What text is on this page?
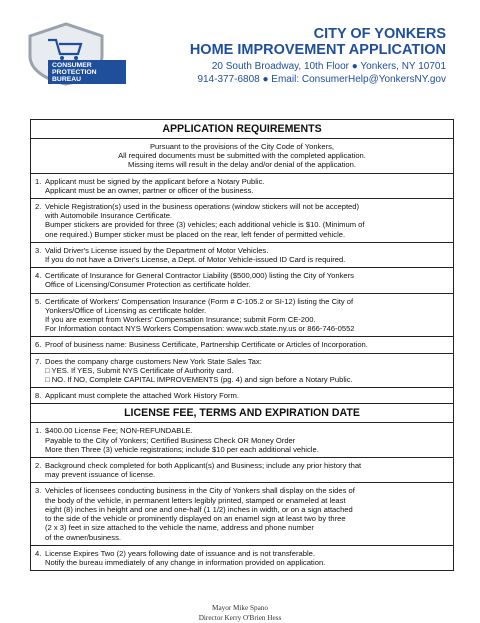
CONSUMER
PROTECTION
BUREAU
CITY OF YONKERS
HOME IMPROVEMENT APPLICATION
20 South Broadway, 10th Floor ● Yonkers, NY 10701
914-377-6808 ● Email: ConsumerHelp@YonkersNY.gov
APPLICATION REQUIREMENTS
Pursuant to the provisions of the City Code of Yonkers,
All required documents must be submitted with the completed application.
Missing items will result in the delay and/or denial of the application.
1. Applicant must be signed by the applicant before a Notary Public.
Applicant must be an owner, partner or officer of the business.
2. Vehicle Registration(s) used in the business operations (window stickers will not be accepted)
with Automobile Insurance Certificate.
Bumper stickers are provided for three (3) vehicles; each additional vehicle is $10. (Minimum of
one required.) Bumper sticker must be placed on the rear, left fender of permitted vehicle.
3. Valid Driver's License issued by the Department of Motor Vehicles.
If you do not have a Driver's License, a Dept. of Motor Vehicle-issued ID Card is required.
4. Certificate of Insurance for General Contractor Liability ($500,000) listing the City of Yonkers
Office of Licensing/Consumer Protection as certificate holder.
5. Certificate of Workers' Compensation Insurance (Form # C-105.2 or SI-12) listing the City of
Yonkers/Office of Licensing as certificate holder.
If you are exempt from Workers' Compensation Insurance; submit Form CE-200.
For Information contact NYS Workers Compensation: www.wcb.state.ny.us or 866-746-0552
6. Proof of business name: Business Certificate, Partnership Certificate or Articles of Incorporation.
7. Does the company charge customers New York State Sales Tax:
□ YES. If YES, Submit NYS Certificate of Authority card.
□ NO. If NO, Complete CAPITAL IMPROVEMENTS (pg. 4) and sign before a Notary Public.
8. Applicant must complete the attached Work History Form.
LICENSE FEE, TERMS AND EXPIRATION DATE
1. $400.00 License Fee; NON-REFUNDABLE.
Payable to the City of Yonkers; Certified Business Check OR Money Order
More then Three (3) vehicle registrations; include $10 per each additional vehicle.
2. Background check completed for both Applicant(s) and Business; include any prior history that
may prevent issuance of license.
3. Vehicles of licensees conducting business in the City of Yonkers shall display on the sides of
the body of the vehicle, in permanent letters legibly printed, stamped or enameled at least
eight (8) inches in height and one and one-half (1 1/2) inches in width, or on a sign attached
to the side of the vehicle or prominently displayed on an enamel sign at least two by three
(2 x 3) feet in size attached to the vehicle the name, address and phone number
of the owner/business.
4. License Expires Two (2) years following date of issuance and is not transferable.
Notify the bureau immediately of any change in information provided on application.
Mayor Mike Spano
Director Kerry O'Brien Hess
